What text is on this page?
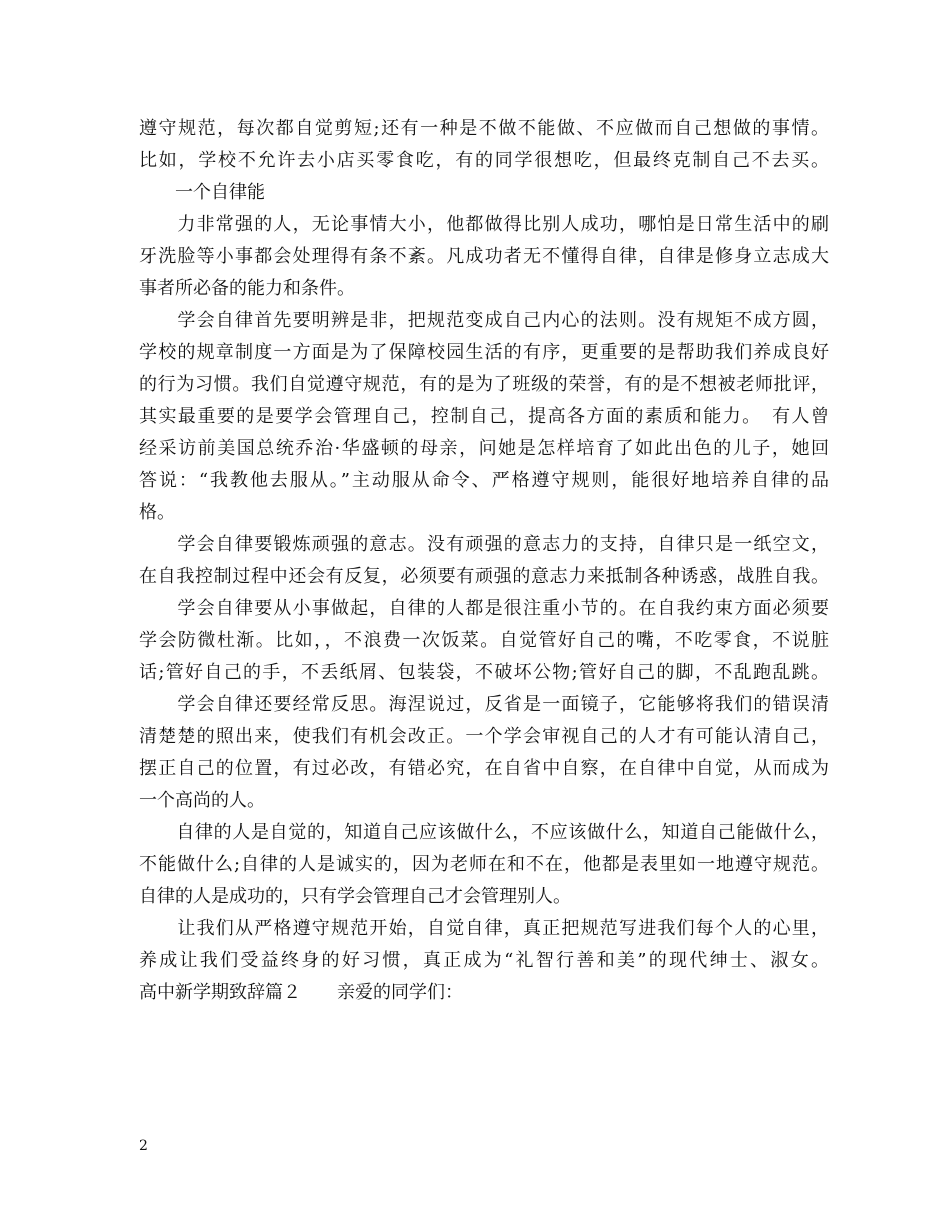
遵守规范，每次都自觉剪短;还有一种是不做不能做、不应做而自己想做的事情。
比如，学校不允许去小店买零食吃，有的同学很想吃，但最终克制自己不去买。
　　一个自律能
　　力非常强的人，无论事情大小，他都做得比别人成功，哪怕是日常生活中的刷
牙洗脸等小事都会处理得有条不紊。凡成功者无不懂得自律，自律是修身立志成大
事者所必备的能力和条件。
　　学会自律首先要明辨是非，把规范变成自己内心的法则。没有规矩不成方圆，
学校的规章制度一方面是为了保障校园生活的有序，更重要的是帮助我们养成良好
的行为习惯。我们自觉遵守规范，有的是为了班级的荣誉，有的是不想被老师批评，
其实最重要的是要学会管理自己，控制自己，提高各方面的素质和能力。　有人曾
经采访前美国总统乔治·华盛顿的母亲，问她是怎样培育了如此出色的儿子，她回
答说：“我教他去服从。”主动服从命令、严格遵守规则，能很好地培养自律的品
格。
　　学会自律要锻炼顽强的意志。没有顽强的意志力的支持，自律只是一纸空文，
在自我控制过程中还会有反复，必须要有顽强的意志力来抵制各种诱惑，战胜自我。
　　学会自律要从小事做起，自律的人都是很注重小节的。在自我约束方面必须要
学会防微杜渐。比如，，不浪费一次饭菜。自觉管好自己的嘴，不吃零食，不说脏
话;管好自己的手，不丢纸屑、包装袋，不破坏公物;管好自己的脚，不乱跑乱跳。
　　学会自律还要经常反思。海涅说过，反省是一面镜子，它能够将我们的错误清
清楚楚的照出来，使我们有机会改正。一个学会审视自己的人才有可能认清自己，
摆正自己的位置，有过必改，有错必究，在自省中自察，在自律中自觉，从而成为
一个高尚的人。
　　自律的人是自觉的，知道自己应该做什么，不应该做什么，知道自己能做什么，
不能做什么;自律的人是诚实的，因为老师在和不在，他都是表里如一地遵守规范。
自律的人是成功的，只有学会管理自己才会管理别人。
　　让我们从严格遵守规范开始，自觉自律，真正把规范写进我们每个人的心里，
养成让我们受益终身的好习惯，真正成为“礼智行善和美”的现代绅士、淑女。
高中新学期致辞篇２　　亲爱的同学们：
2
